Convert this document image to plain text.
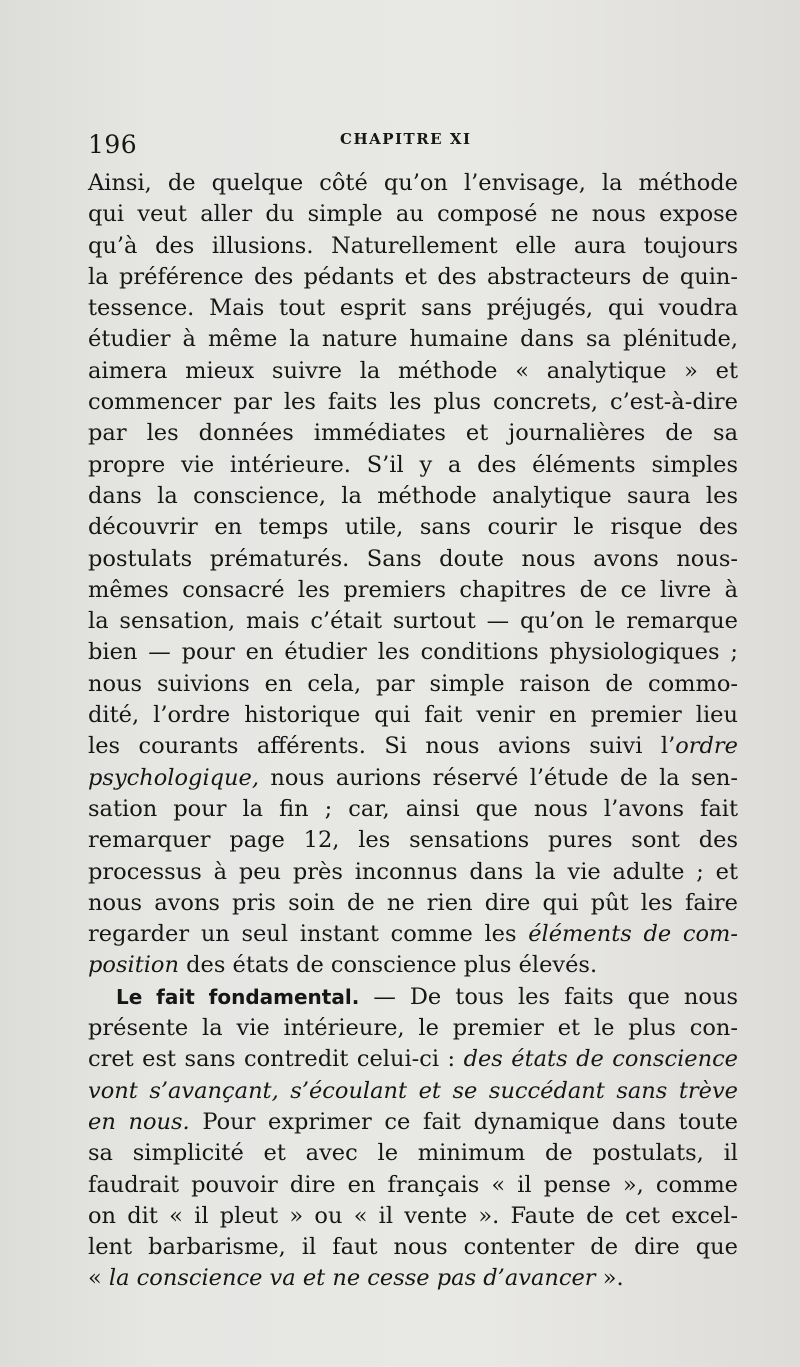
196	CHAPITRE XI
Ainsi, de quelque côté qu’on l’envisage, la méthode
qui veut aller du simple au composé ne nous expose
qu’à des illusions. Naturellement elle aura toujours
la préférence des pédants et des abstracteurs de quin-
tessence. Mais tout esprit sans préjugés, qui voudra
étudier à même la nature humaine dans sa plénitude,
aimera mieux suivre la méthode « analytique » et
commencer par les faits les plus concrets, c’est-à-dire
par les données immédiates et journalières de sa
propre vie intérieure. S’il y a des éléments simples
dans la conscience, la méthode analytique saura les
découvrir en temps utile, sans courir le risque des
postulats prématurés. Sans doute nous avons nous-
mêmes consacré les premiers chapitres de ce livre à
la sensation, mais c’était surtout — qu’on le remarque
bien — pour en étudier les conditions physiologiques ;
nous suivions en cela, par simple raison de commo-
dité, l’ordre historique qui fait venir en premier lieu
les courants afférents. Si nous avions suivi l’ordre
psychologique, nous aurions réservé l’étude de la sen-
sation pour la fin ; car, ainsi que nous l’avons fait
remarquer page 12, les sensations pures sont des
processus à peu près inconnus dans la vie adulte ; et
nous avons pris soin de ne rien dire qui pût les faire
regarder un seul instant comme les éléments de com-
position des états de conscience plus élevés.
Le fait fondamental. — De tous les faits que nous
présente la vie intérieure, le premier et le plus con-
cret est sans contredit celui-ci : des états de conscience
vont s’avançant, s’écoulant et se succédant sans trève
en nous. Pour exprimer ce fait dynamique dans toute
sa simplicité et avec le minimum de postulats, il
faudrait pouvoir dire en français « il pense », comme
on dit « il pleut » ou « il vente ». Faute de cet excel-
lent barbarisme, il faut nous contenter de dire que
« la conscience va et ne cesse pas d’avancer ».
